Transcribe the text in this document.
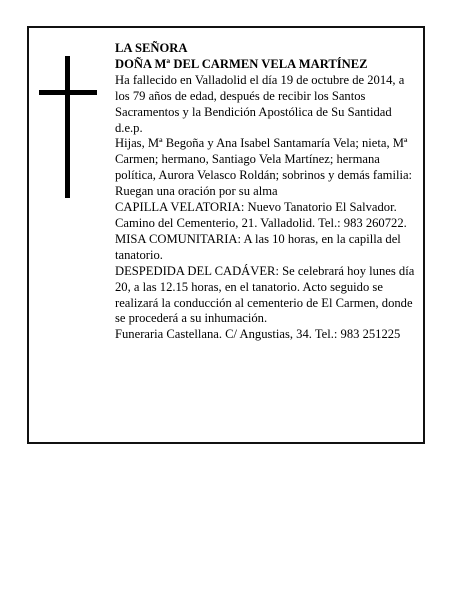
LA SEÑORA

DOÑA Mª DEL CARMEN VELA MARTÍNEZ

Ha fallecido en Valladolid el día 19 de octubre de 2014, a los 79 años de edad, después de recibir los Santos Sacramentos y la Bendición Apostólica de Su Santidad d.e.p.

Hijas, Mª Begoña y Ana Isabel Santamaría Vela; nieta, Mª Carmen; hermano, Santiago Vela Martínez; hermana política, Aurora Velasco Roldán; sobrinos y demás familia:

Ruegan una oración por su alma

CAPILLA VELATORIA: Nuevo Tanatorio El Salvador. Camino del Cementerio, 21. Valladolid. Tel.: 983 260722. MISA COMUNITARIA: A las 10 horas, en la capilla del tanatorio.

DESPEDIDA DEL CADÁVER: Se celebrará hoy lunes día 20, a las 12.15 horas, en el tanatorio. Acto seguido se realizará la conducción al cementerio de El Carmen, donde se procederá a su inhumación.

Funeraria Castellana. C/ Angustias, 34. Tel.: 983 251225
